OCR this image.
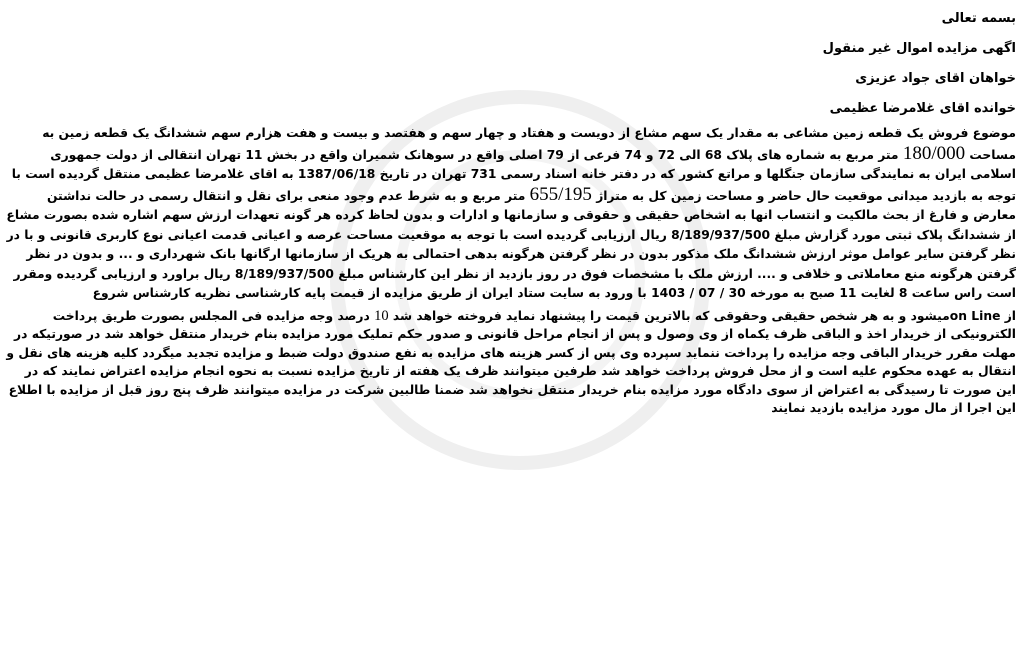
بسمه تعالی

اگهی مزایده اموال غیر منقول

خواهان اقای جواد عزیزی

خوانده اقای غلامرضا عظیمی

موضوع فروش یک قطعه زمین مشاعی به مقدار یک سهم مشاع از دویست و هفتاد و چهار سهم و هفتصد و بیست و هفت هزارم سهم ششدانگ یک قطعه زمین به مساحت 180/000 متر مربع به شماره های پلاک 68 الی 72 و 74 فرعی از 79 اصلی واقع در سوهانک شمیران واقع در بخش 11 تهران انتقالی از دولت جمهوری اسلامی ایران به نمایندگی سازمان جنگلها و مراتع کشور که در دفتر خانه اسناد رسمی 731 تهران در تاریخ 1387/06/18 به اقای غلامرضا عظیمی منتقل گردیده است با توجه به بازدید میدانی موقعیت حال حاضر و مساحت زمین کل به متراژ 655/195 متر مربع و به شرط عدم وجود منعی برای نقل و انتقال رسمی در حالت نداشتن معارض و فارغ از بحث مالکیت و انتساب انها به اشخاص حقیقی و حقوقی و سازمانها و ادارات و بدون لحاظ کرده هر گونه تعهدات ارزش سهم اشاره شده بصورت مشاع از ششدانگ پلاک ثبتی مورد گزارش مبلغ 8/189/937/500 ریال ارزیابی گردیده است با توجه به موقعیت مساحت عرصه و اعیانی قدمت اعیانی نوع کاربری قانونی و با در نظر گرفتن سایر عوامل موثر ارزش ششدانگ ملک مذکور بدون در نظر گرفتن هرگونه بدهی احتمالی به هریک از سازمانها ارگانها بانک شهرداری و ... و بدون در نظر گرفتن هرگونه منع معاملاتی و خلافی و .... ارزش ملک با مشخصات فوق در روز بازدید از نظر این کارشناس مبلغ 8/189/937/500 ریال براورد و ارزیابی گردیده ومقرر است راس ساعت 8 لغایت 11 صبح به مورخه 30 / 07 / 1403 با ورود به سایت ستاد ایران از طریق مزایده از قیمت پایه کارشناسی نظریه کارشناس شروع

از on Lineمیشود و به هر شخص حقیقی وحقوقی که بالاترین قیمت را پیشنهاد نماید فروخته خواهد شد 10 درصد وجه مزایده فی المجلس بصورت طریق پرداخت الکترونیکی از خریدار اخذ و الباقی ظرف یکماه از وی وصول و پس از انجام مراحل قانونی و صدور حکم تملیک مورد مزایده بنام خریدار منتقل خواهد شد در صورتیکه در مهلت مقرر خریدار الباقی وجه مزایده را پرداخت ننماید سپرده وی پس از کسر هزینه های مزایده به نفع صندوق دولت ضبط و مزایده تجدید میگردد کلیه هزینه های نقل و انتقال به عهده محکوم علیه است و از محل فروش پرداخت خواهد شد طرفین میتوانند ظرف یک هفته از تاریخ مزایده نسبت به نحوه انجام مزایده اعتراض نمایند که در این صورت تا رسیدگی به اعتراض از سوی دادگاه مورد مزایده بنام خریدار منتقل نخواهد شد ضمنا طالبین شرکت در مزایده میتوانند ظرف پنج روز قبل از مزایده با اطلاع این اجرا از مال مورد مزایده بازدید نمایند
